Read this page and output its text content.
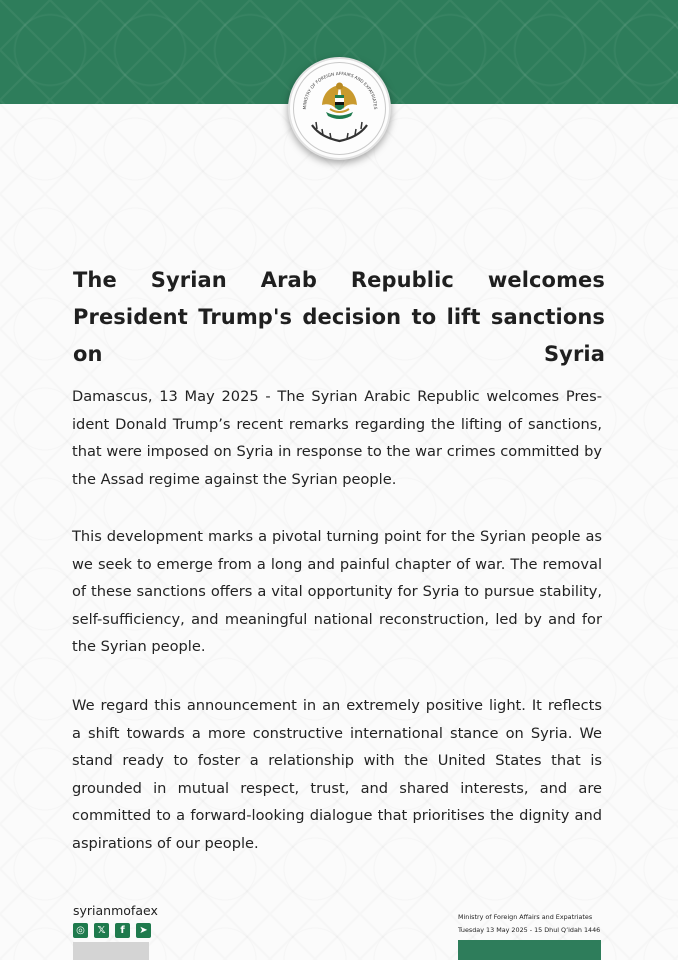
MINISTRY OF FOREIGN AFFAIRS AND EXPATRIATES
The Syrian Arab Republic welcomes President Trump's decision to lift sanctions on Syria
Damascus, 13 May 2025 - The Syrian Arabic Republic welcomes President Donald Trump’s recent remarks regarding the lifting of sanctions, that were imposed on Syria in response to the war crimes committed by the Assad regime against the Syrian people.
This development marks a pivotal turning point for the Syrian people as we seek to emerge from a long and painful chapter of war. The removal of these sanctions offers a vital opportunity for Syria to pursue stability, self-sufficiency, and meaningful national reconstruction, led by and for the Syrian people.
We regard this announcement in an extremely positive light. It reflects a shift towards a more constructive international stance on Syria. We stand ready to foster a relationship with the United States that is grounded in mutual respect, trust, and shared interests, and are committed to a forward-looking dialogue that prioritises the dignity and aspirations of our people.
syrianmofaex
◎	𝕏	f	➤
Ministry of Foreign Affairs and Expatriates
Tuesday 13 May 2025 - 15 Dhul Q’idah 1446
